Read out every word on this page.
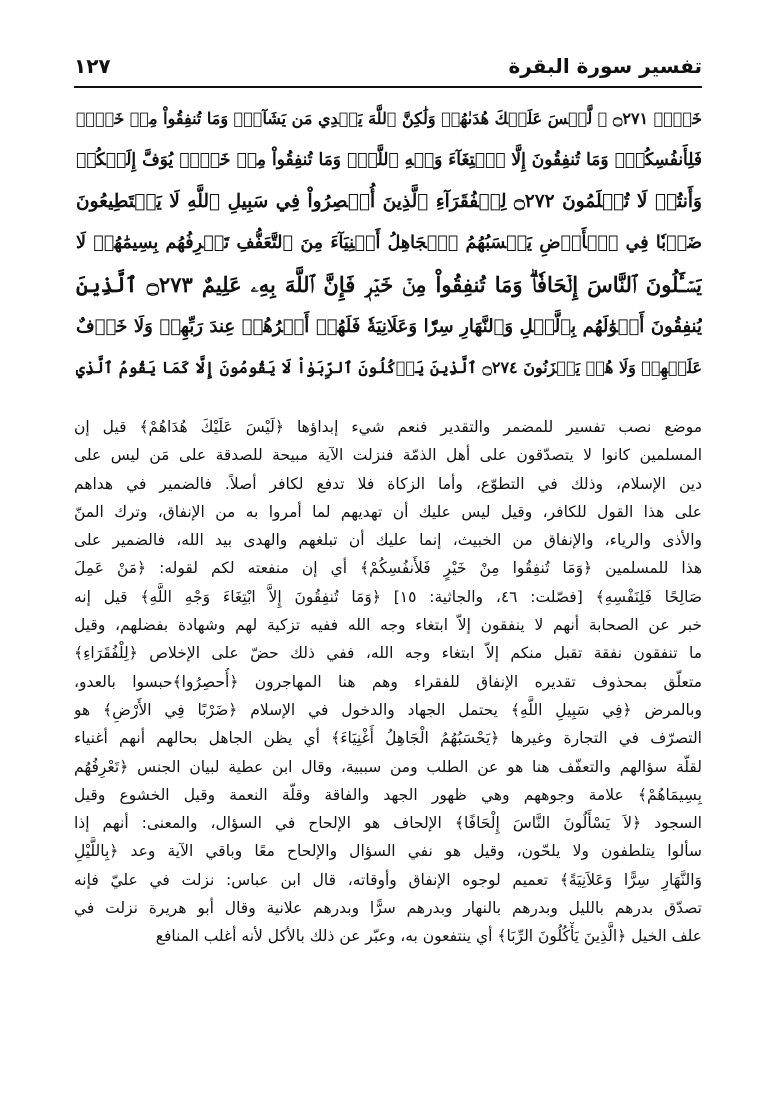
١٢٧	تفسير سورة البقرة
خَيۡرٞ ۝٢٧١ ۞ لَّيۡسَ عَلَيۡكَ هُدَىٰهُمۡ وَلَٰكِنَّ ٱللَّهَ يَهۡدِي مَن يَشَآءُۗ وَمَا تُنفِقُواْ مِنۡ خَيۡرٖ
فَلِأَنفُسِكُمۡۚ وَمَا تُنفِقُونَ إِلَّا ٱبۡتِغَآءَ وَجۡهِ ٱللَّهِۚ وَمَا تُنفِقُواْ مِنۡ خَيۡرٖ يُوَفَّ إِلَيۡكُمۡ
وَأَنتُمۡ لَا تُظۡلَمُونَ ۝٢٧٢ لِلۡفُقَرَآءِ ٱلَّذِينَ أُحۡصِرُواْ فِي سَبِيلِ ٱللَّهِ لَا يَسۡتَطِيعُونَ
ضَرۡبٗا فِي ٱلۡأَرۡضِ يَحۡسَبُهُمُ ٱلۡجَاهِلُ أَغۡنِيَآءَ مِنَ ٱلتَّعَفُّفِ تَعۡرِفُهُم بِسِيمَٰهُمۡ لَا
يَسۡـَٔلُونَ ٱلنَّاسَ إِلۡحَافٗاۗ وَمَا تُنفِقُواْ مِنۡ خَيۡرٖ فَإِنَّ ٱللَّهَ بِهِۦ عَلِيمٌ ۝٢٧٣ ٱلَّذِينَ
يُنفِقُونَ أَمۡوَٰلَهُم بِٱلَّيۡلِ وَٱلنَّهَارِ سِرّٗا وَعَلَانِيَةٗ فَلَهُمۡ أَجۡرُهُمۡ عِندَ رَبِّهِمۡ وَلَا خَوۡفٌ
عَلَيۡهِمۡ وَلَا هُمۡ يَحۡزَنُونَ ۝٢٧٤ ٱلَّذِينَ يَأۡكُلُونَ ٱلرِّبَوٰاْ لَا يَقُومُونَ إِلَّا كَمَا يَقُومُ ٱلَّذِي
موضع نصب تفسير للمضمر والتقدير فنعم شيء إبداؤها ﴿لَيْسَ عَلَيْكَ هُدَاهُمْ﴾ قيل إن
المسلمين كانوا لا يتصدّقون على أهل الذمّة فنزلت الآية مبيحة للصدقة على مَن ليس على
دين الإسلام، وذلك في التطوّع، وأما الزكاة فلا تدفع لكافر أصلاً. فالضمير في هداهم
على هذا القول للكافر، وقيل ليس عليك أن تهديهم لما أمروا به من الإنفاق، وترك المنّ
والأذى والرياء، والإنفاق من الخبيث، إنما عليك أن تبلغهم والهدى بيد الله، فالضمير على
هذا للمسلمين ﴿وَمَا تُنفِقُوا مِنْ خَيْرٍ فَلأَنفُسِكُمْ﴾ أي إن منفعته لكم لقوله: ﴿مَنْ عَمِلَ
صَالِحًا فَلِنَفْسِهِ﴾ [فصّلت: ٤٦، والجاثية: ١٥] ﴿وَمَا تُنفِقُونَ إِلاَّ ابْتِغَاءَ وَجْهِ اللَّهِ﴾ قيل إنه
خبر عن الصحابة أنهم لا ينفقون إلاّ ابتغاء وجه الله ففيه تزكية لهم وشهادة بفضلهم، وقيل
ما تنفقون نفقة تقبل منكم إلاّ ابتغاء وجه الله، ففي ذلك حضّ على الإخلاص ﴿لِلْفُقَرَاءِ﴾
متعلّق بمحذوف تقديره الإنفاق للفقراء وهم هنا المهاجرون ﴿أُحصِرُوا﴾حبسوا بالعدو،
وبالمرض ﴿فِي سَبِيلِ اللَّهِ﴾ يحتمل الجهاد والدخول في الإسلام ﴿ضَرْبًا فِي الأَرْضِ﴾ هو
التصرّف في التجارة وغيرها ﴿يَحْسَبُهُمُ الْجَاهِلُ أَغْنِيَاءَ﴾ أي يظن الجاهل بحالهم أنهم أغنياء
لقلّة سؤالهم والتعفّف هنا هو عن الطلب ومن سببية، وقال ابن عطية لبيان الجنس ﴿تَعْرِفُهُم
بِسِيمَاهُمْ﴾ علامة وجوههم وهي ظهور الجهد والفاقة وقلّة النعمة وقيل الخشوع وقيل
السجود ﴿لاَ يَسْأَلُونَ النَّاسَ إِلْحَافًا﴾ الإلحاف هو الإلحاح في السؤال، والمعنى: أنهم إذا
سألوا يتلطفون ولا يلحّون، وقيل هو نفي السؤال والإلحاح معًا وباقي الآية وعد ﴿بِاللَّيْلِ
وَالنَّهَارِ سِرًّا وَعَلاَنِيَةً﴾ تعميم لوجوه الإنفاق وأوقاته، قال ابن عباس: نزلت في عليّ فإنه
تصدّق بدرهم بالليل وبدرهم بالنهار وبدرهم سرًّا وبدرهم علانية وقال أبو هريرة نزلت في
علف الخيل ﴿الَّذِينَ يَأْكُلُونَ الرِّبَا﴾ أي ينتفعون به، وعبّر عن ذلك بالأكل لأنه أغلب المنافع
